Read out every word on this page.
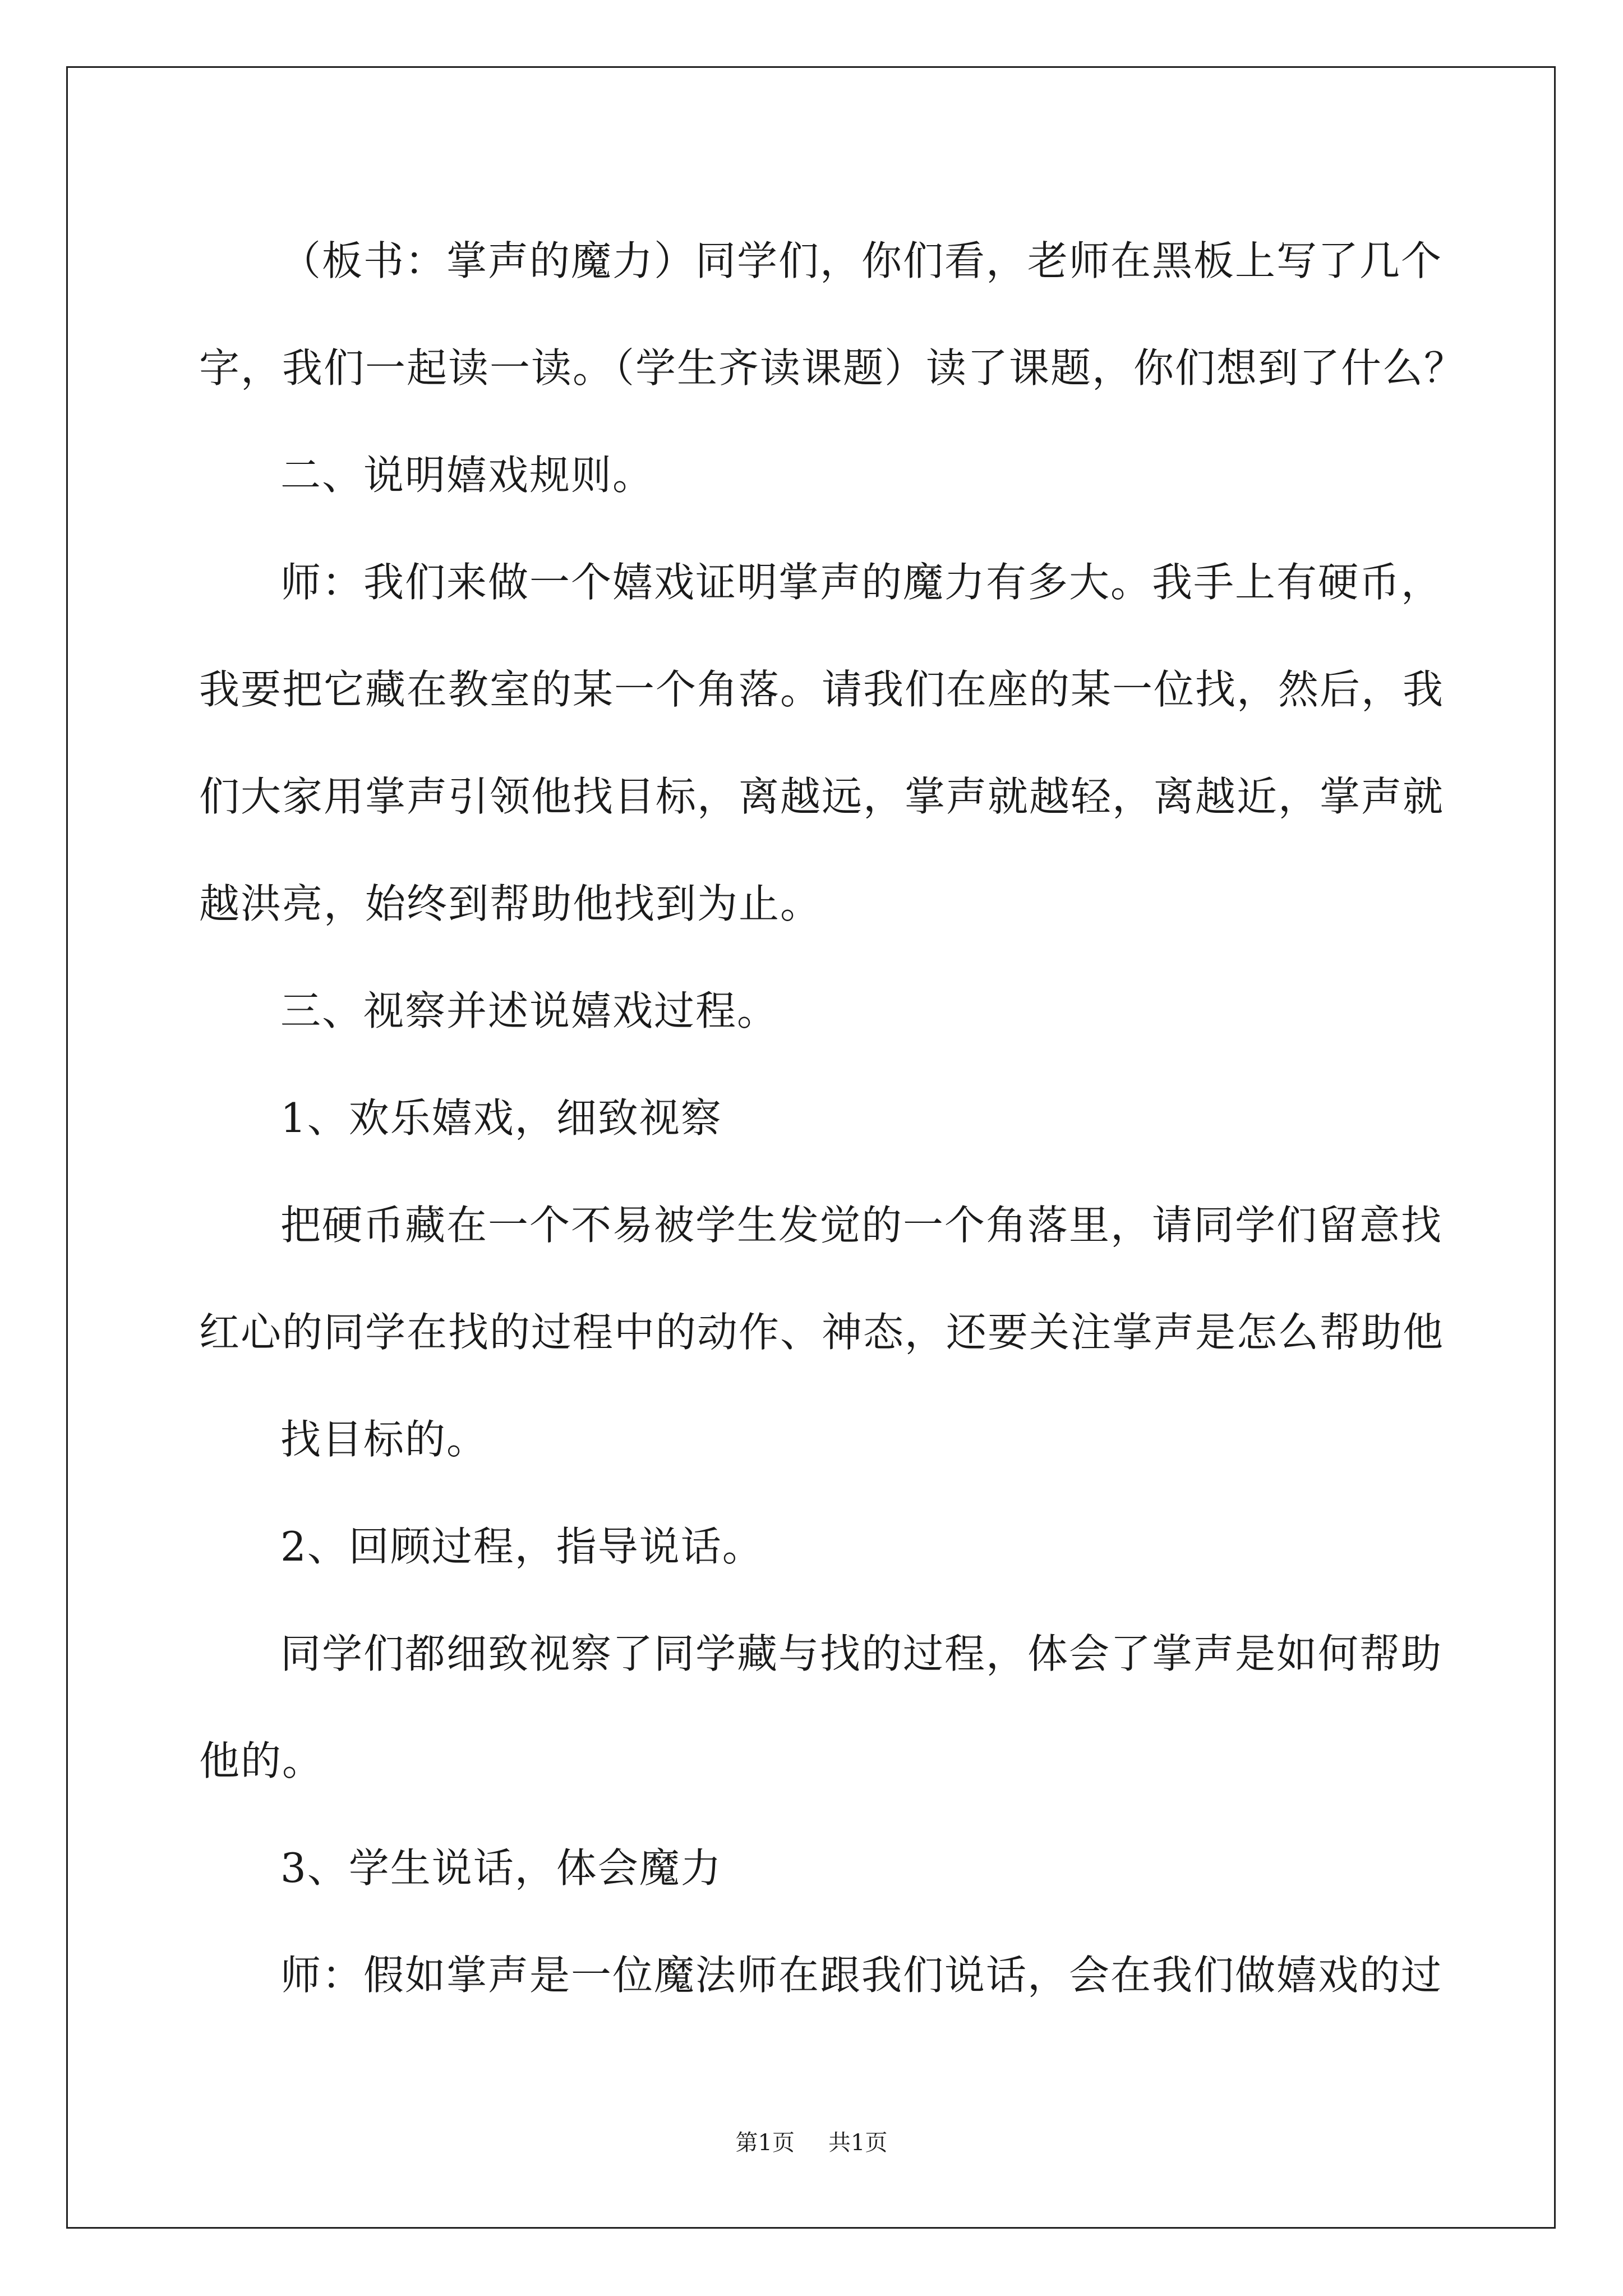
（板书：掌声的魔力）同学们，你们看，老师在黑板上写了几个

字，我们一起读一读。（学生齐读课题）读了课题，你们想到了什么？

二、说明嬉戏规则。

师：我们来做一个嬉戏证明掌声的魔力有多大。我手上有硬币，

我要把它藏在教室的某一个角落。请我们在座的某一位找，然后，我

们大家用掌声引领他找目标，离越远，掌声就越轻，离越近，掌声就

越洪亮，始终到帮助他找到为止。

三、视察并述说嬉戏过程。

1、欢乐嬉戏，细致视察

把硬币藏在一个不易被学生发觉的一个角落里，请同学们留意找

红心的同学在找的过程中的动作、神态，还要关注掌声是怎么帮助他

找目标的。

2、回顾过程，指导说话。

同学们都细致视察了同学藏与找的过程，体会了掌声是如何帮助

他的。

3、学生说话，体会魔力

师：假如掌声是一位魔法师在跟我们说话，会在我们做嬉戏的过

第1页 共1页
